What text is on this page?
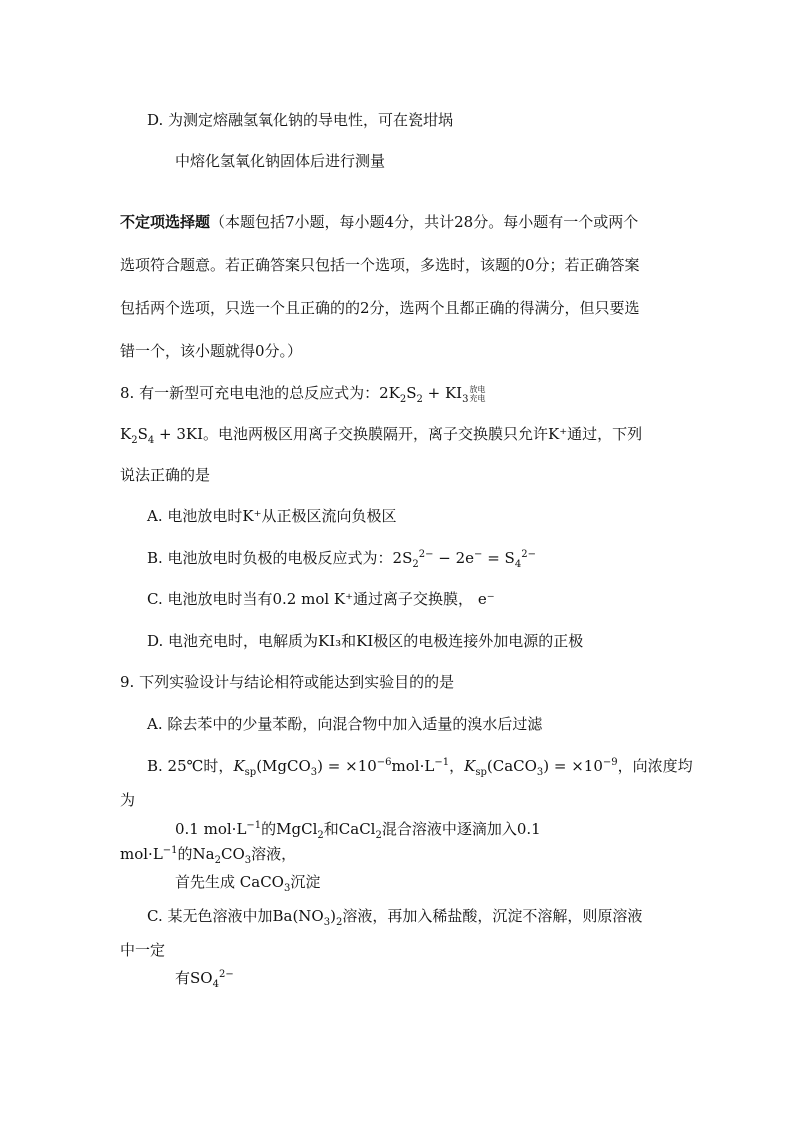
D. 为测定熔融氢氧化钠的导电性，可在瓷坩埚
中熔化氢氧化钠固体后进行测量
不定项选择题（本题包括7小题，每小题4分，共计28分。每小题有一个或两个
选项符合题意。若正确答案只包括一个选项，多选时，该题的0分；若正确答案
包括两个选项，只选一个且正确的的2分，选两个且都正确的得满分，但只要选
错一个，该小题就得0分。）
8. 有一新型可充电电池的总反应式为：$2K_2S_2 + KI_3$
放电
充电
$K_2S_4 + 3KI$。电池两极区用离子交换膜隔开，离子交换膜只允许K⁺通过，下列
说法正确的是
A. 电池放电时K⁺从正极区流向负极区
B. 电池放电时负极的电极反应式为：$2S_2^{2-} - 2e^- = S_4^{2-}$
C. 电池放电时当有0.2 mol K⁺通过离子交换膜， e⁻
D. 电池充电时，电解质为KI₃和KI极区的电极连接外加电源的正极
9. 下列实验设计与结论相符或能达到实验目的的是
A. 除去苯中的少量苯酚，向混合物中加入适量的溴水后过滤
B. 25℃时，$K_{sp}(MgCO_3) = \times 10^{-6}mol\cdot L^{-1}$，$K_{sp}(CaCO_3) = \times 10^{-9}$，向浓度均
为
0.1 $mol\cdot L^{-1}$的MgCl$_2$和CaCl$_2$混合溶液中逐滴加入0.1
$mol\cdot L^{-1}$的$Na_2CO_3$溶液，
首先生成 CaCO$_3$沉淀
C. 某无色溶液中加$Ba(NO_3)_2$溶液，再加入稀盐酸，沉淀不溶解，则原溶液
中一定
有$SO_4^{2-}$
